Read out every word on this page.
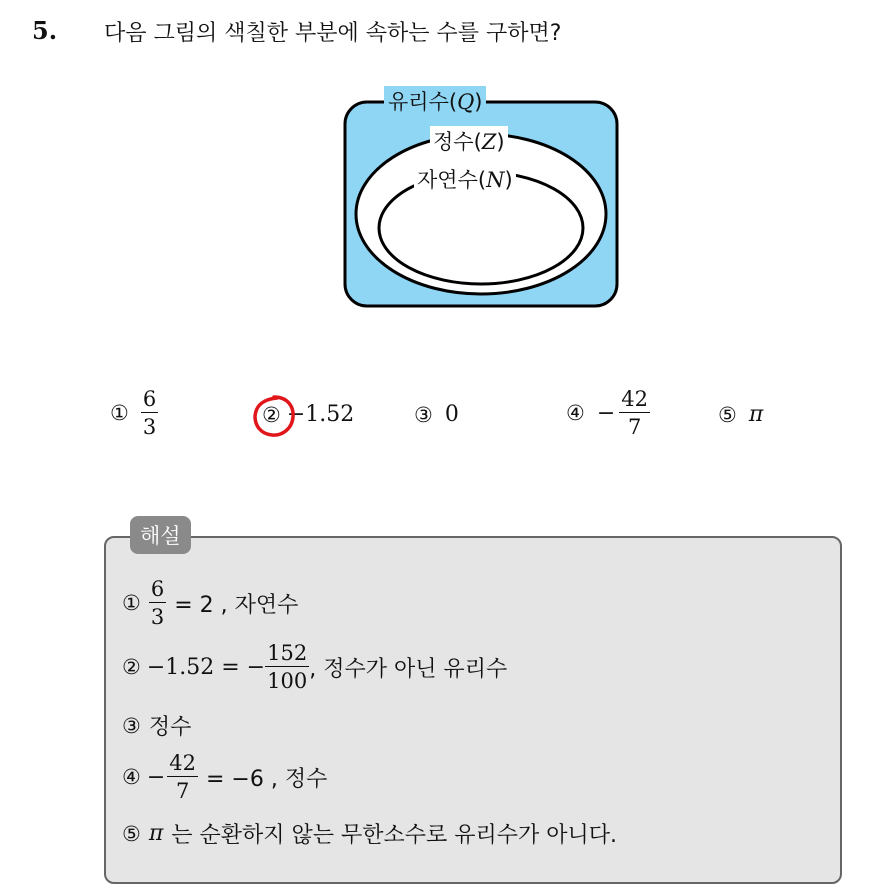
5. 다음 그림의 색칠한 부분에 속하는 수를 구하면?
유리수(Q)
정수(Z)
자연수(N)
① $\frac{6}{3}$	② −1.52	③ 0	④ − $\frac{42}{7}$	⑤ π
해설
① $\frac{6}{3} = 2$ , 자연수
② −1.52 = − $\frac{152}{100}$ , 정수가 아닌 유리수
③ 정수
④ − $\frac{42}{7} = -6$ , 정수
⑤ π 는 순환하지 않는 무한소수로 유리수가 아니다.
